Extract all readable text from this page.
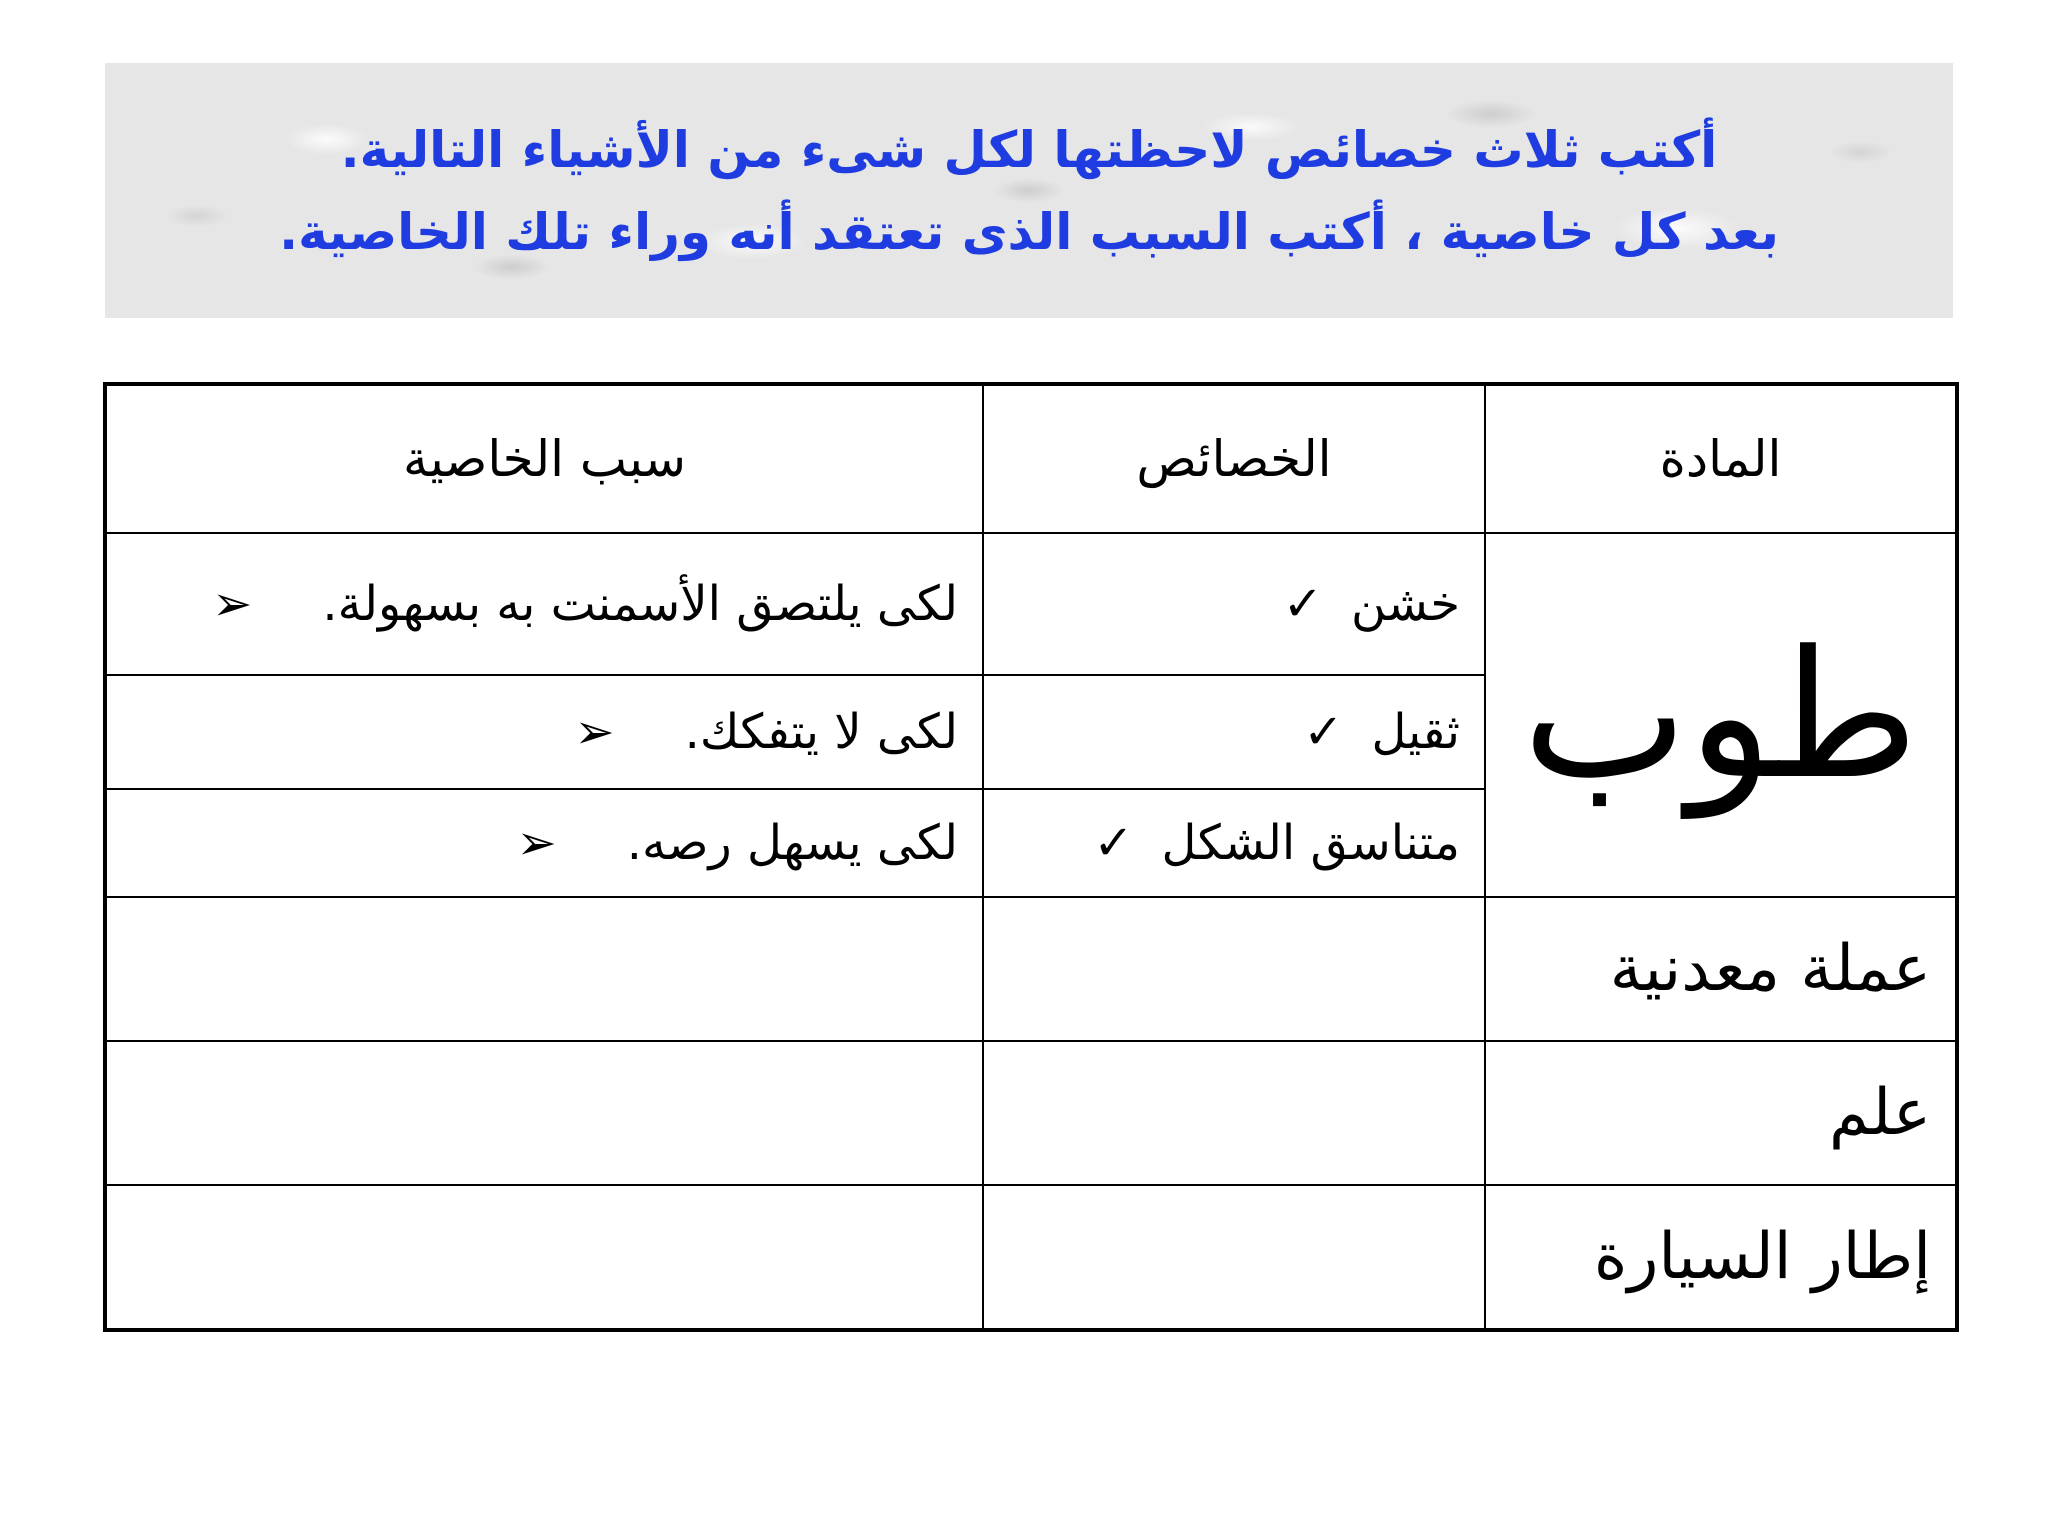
أكتب ثلاث خصائص لاحظتها لكل شىء من الأشياء التالية.
بعد كل خاصية ، أكتب السبب الذى تعتقد أنه وراء تلك الخاصية.
المادة	الخصائص	سبب الخاصية
طوب	خشن✓	لكى يلتصق الأسمنت به بسهولة.➢
	ثقيل✓	لكى لا يتفكك.➢
	متناسق الشكل✓	لكى يسهل رصه.➢
عملة معدنية		
علم		
إطار السيارة		
